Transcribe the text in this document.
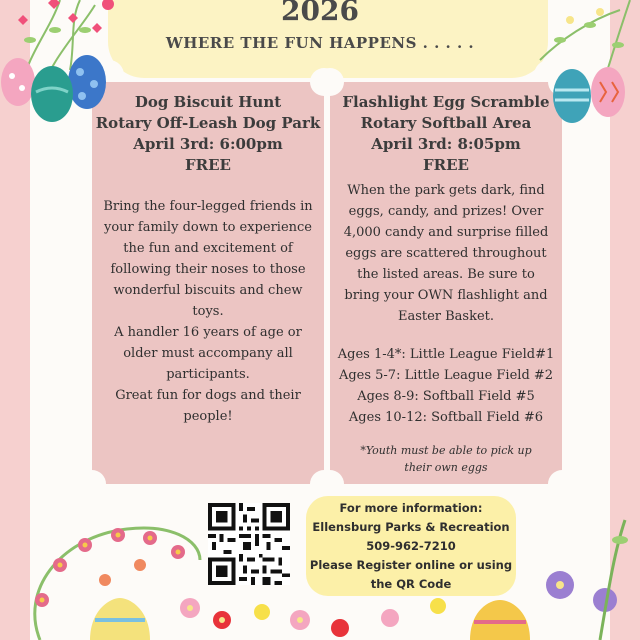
2026
WHERE THE FUN HAPPENS . . . . .
Dog Biscuit Hunt
Rotary Off-Leash Dog Park
April 3rd: 6:00pm
FREE
Bring the four-legged friends in
your family down to experience
the fun and excitement of
following their noses to those
wonderful biscuits and chew
toys.
A handler 16 years of age or
older must accompany all
participants.
Great fun for dogs and their
people!
Flashlight Egg Scramble
Rotary Softball Area
April 3rd: 8:05pm
FREE
When the park gets dark, find
eggs, candy, and prizes! Over
4,000 candy and surprise filled
eggs are scattered throughout
the listed areas. Be sure to
bring your OWN flashlight and
Easter Basket.
Ages 1-4*: Little League Field#1
Ages 5-7: Little League Field #2
Ages 8-9: Softball Field #5
Ages 10-12: Softball Field #6
*Youth must be able to pick up
their own eggs
For more information:
Ellensburg Parks & Recreation
509-962-7210
Please Register online or using
the QR Code
